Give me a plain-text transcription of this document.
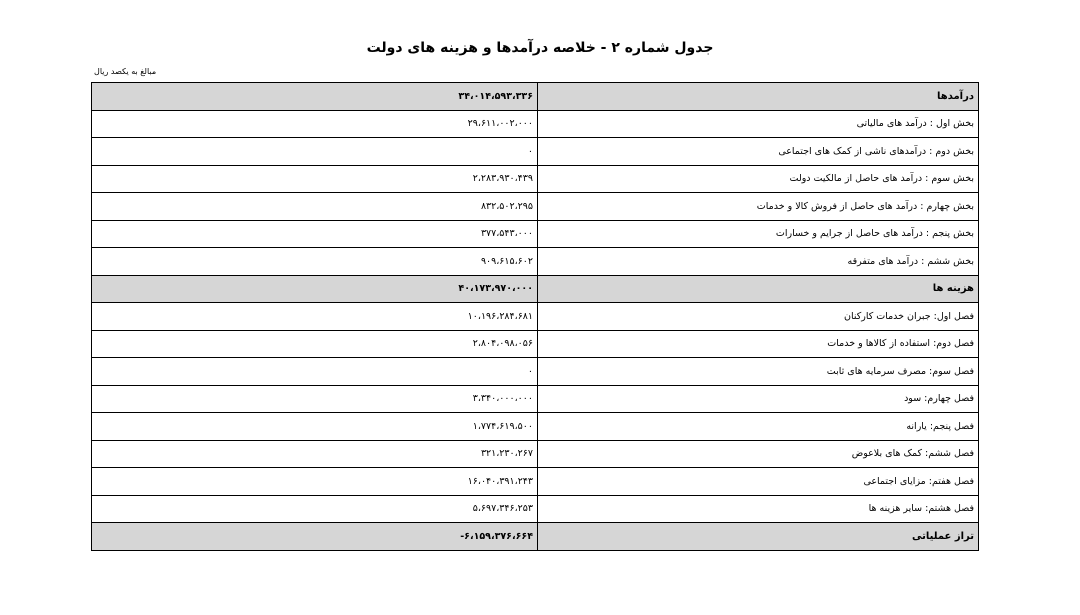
جدول شماره ۲ - خلاصه درآمدها و هزینه های دولت
مبالغ به یکصد ریال
۳۴،۰۱۴،۵۹۳،۳۳۶	درآمدها
۲۹،۶۱۱،۰۰۲،۰۰۰	بخش اول : درآمد های مالیاتی
۰	بخش دوم : درآمدهای ناشی از کمک های اجتماعی
۲،۲۸۳،۹۳۰،۴۳۹	بخش سوم : درآمد های حاصل از مالکیت دولت
۸۳۲،۵۰۲،۲۹۵	بخش چهارم : درآمد های حاصل از فروش کالا و خدمات
۳۷۷،۵۴۳،۰۰۰	بخش پنجم : درآمد های حاصل از جرایم و خسارات
۹۰۹،۶۱۵،۶۰۲	بخش ششم : درآمد های متفرقه
۴۰،۱۷۳،۹۷۰،۰۰۰	هزینه ها
۱۰،۱۹۶،۲۸۴،۶۸۱	فصل اول: جبران خدمات کارکنان
۲،۸۰۴،۰۹۸،۰۵۶	فصل دوم: استفاده از کالاها و خدمات
۰	فصل سوم: مصرف سرمایه های ثابت
۳،۳۴۰،۰۰۰،۰۰۰	فصل چهارم: سود
۱،۷۷۴،۶۱۹،۵۰۰	فصل پنجم: یارانه
۳۲۱،۲۳۰،۲۶۷	فصل ششم: کمک های بلاعوض
۱۶،۰۴۰،۳۹۱،۲۴۳	فصل هفتم: مزایای اجتماعی
۵،۶۹۷،۳۴۶،۲۵۳	فصل هشتم: سایر هزینه ها
-۶،۱۵۹،۳۷۶،۶۶۴	تراز عملیاتی
